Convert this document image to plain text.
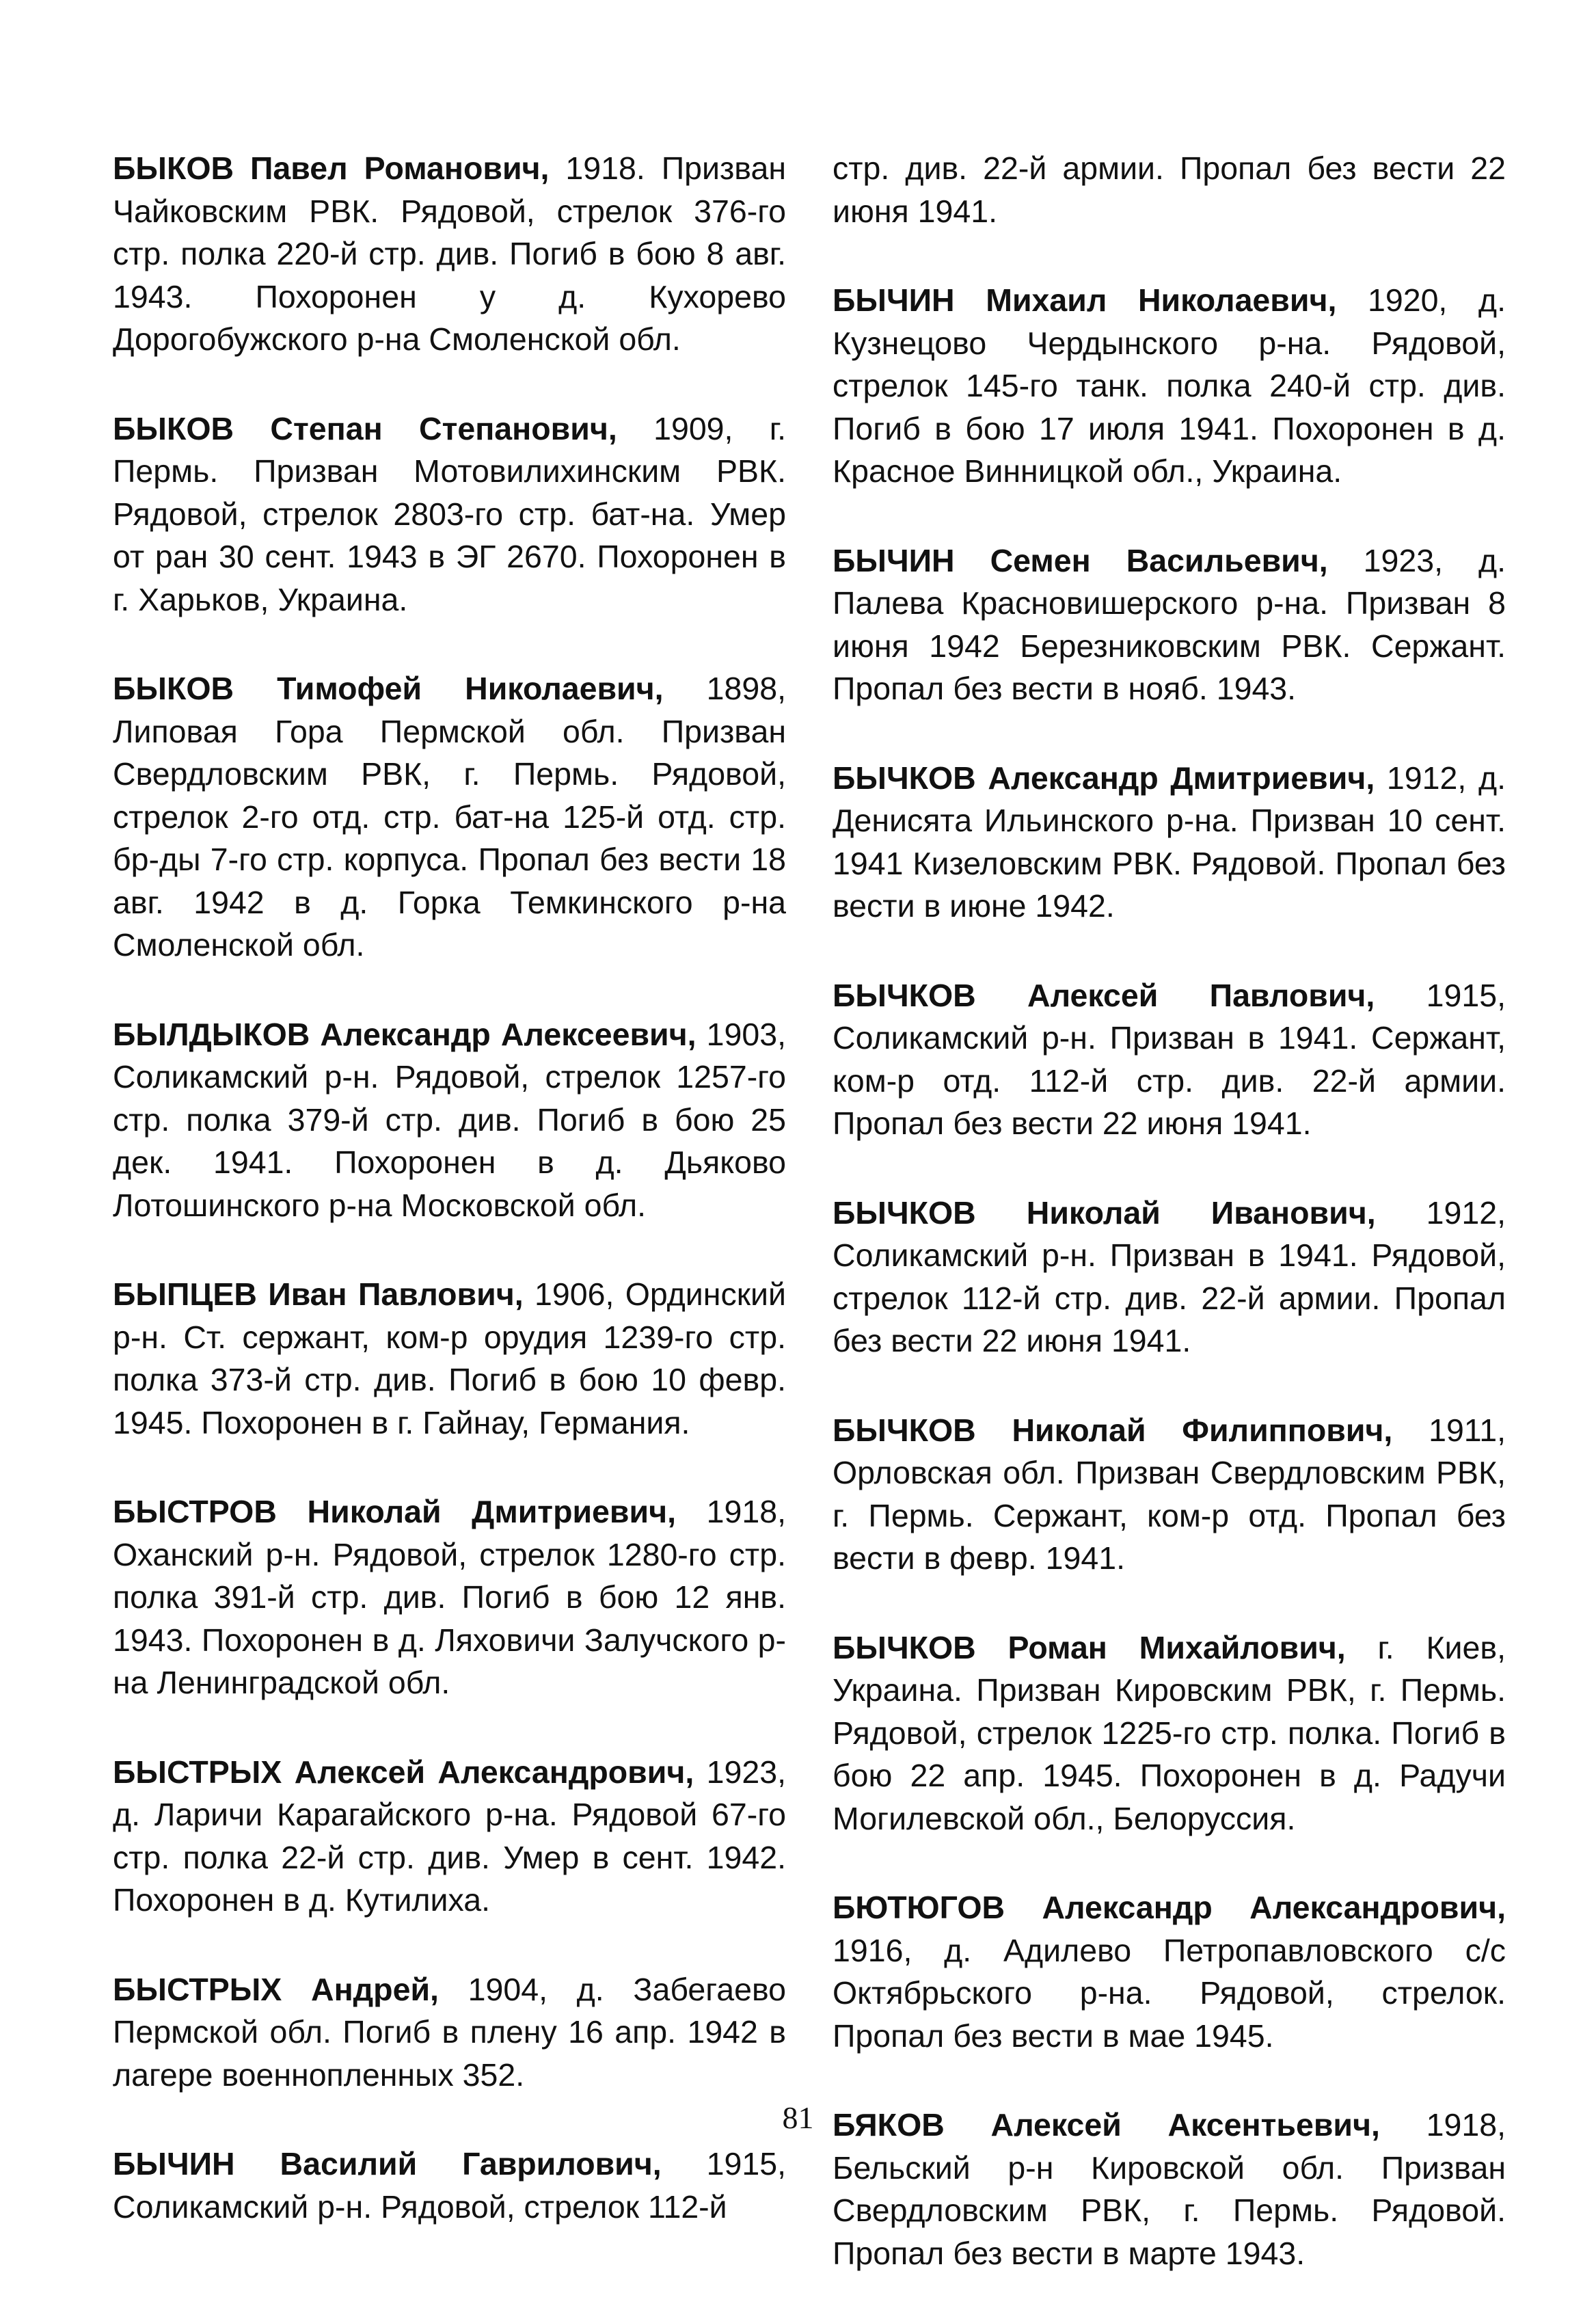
БЫКОВ Павел Романович, 1918. Призван Чайковским РВК. Рядовой, стрелок 376-го стр. полка 220-й стр. див. Погиб в бою 8 авг. 1943. Похоронен у д. Кухорево Дорогобужского р-на Смоленской обл.

БЫКОВ Степан Степанович, 1909, г. Пермь. Призван Мотовилихинским РВК. Рядовой, стрелок 2803-го стр. бат-на. Умер от ран 30 сент. 1943 в ЭГ 2670. Похоронен в г. Харьков, Украина.

БЫКОВ Тимофей Николаевич, 1898, Липовая Гора Пермской обл. Призван Свердловским РВК, г. Пермь. Рядовой, стрелок 2-го отд. стр. бат-на 125-й отд. стр. бр-ды 7-го стр. корпуса. Пропал без вести 18 авг. 1942 в д. Горка Темкинского р-на Смоленской обл.

БЫЛДЫКОВ Александр Алексеевич, 1903, Соликамский р-н. Рядовой, стрелок 1257-го стр. полка 379-й стр. див. Погиб в бою 25 дек. 1941. Похоронен в д. Дьяково Лотошинского р-на Московской обл.

БЫПЦЕВ Иван Павлович, 1906, Ординский р-н. Ст. сержант, ком-р орудия 1239-го стр. полка 373-й стр. див. Погиб в бою 10 февр. 1945. Похоронен в г. Гайнау, Германия.

БЫСТРОВ Николай Дмитриевич, 1918, Оханский р-н. Рядовой, стрелок 1280-го стр. полка 391-й стр. див. Погиб в бою 12 янв. 1943. Похоронен в д. Ляховичи Залучского р-на Ленинградской обл.

БЫСТРЫХ Алексей Александрович, 1923, д. Ларичи Карагайского р-на. Рядовой 67-го стр. полка 22-й стр. див. Умер в сент. 1942. Похоронен в д. Кутилиха.

БЫСТРЫХ Андрей, 1904, д. Забегаево Пермской обл. Погиб в плену 16 апр. 1942 в лагере военнопленных 352.

БЫЧИН Василий Гаврилович, 1915, Соликамский р-н. Рядовой, стрелок 112-й

стр. див. 22-й армии. Пропал без вести 22 июня 1941.

БЫЧИН Михаил Николаевич, 1920, д. Кузнецово Чердынского р-на. Рядовой, стрелок 145-го танк. полка 240-й стр. див. Погиб в бою 17 июля 1941. Похоронен в д. Красное Винницкой обл., Украина.

БЫЧИН Семен Васильевич, 1923, д. Палева Красновишерского р-на. Призван 8 июня 1942 Березниковским РВК. Сержант. Пропал без вести в нояб. 1943.

БЫЧКОВ Александр Дмитриевич, 1912, д. Денисята Ильинского р-на. Призван 10 сент. 1941 Кизеловским РВК. Рядовой. Пропал без вести в июне 1942.

БЫЧКОВ Алексей Павлович, 1915, Соликамский р-н. Призван в 1941. Сержант, ком-р отд. 112-й стр. див. 22-й армии. Пропал без вести 22 июня 1941.

БЫЧКОВ Николай Иванович, 1912, Соликамский р-н. Призван в 1941. Рядовой, стрелок 112-й стр. див. 22-й армии. Пропал без вести 22 июня 1941.

БЫЧКОВ Николай Филиппович, 1911, Орловская обл. Призван Свердловским РВК, г. Пермь. Сержант, ком-р отд. Пропал без вести в февр. 1941.

БЫЧКОВ Роман Михайлович, г. Киев, Украина. Призван Кировским РВК, г. Пермь. Рядовой, стрелок 1225-го стр. полка. Погиб в бою 22 апр. 1945. Похоронен в д. Радучи Могилевской обл., Белоруссия.

БЮТЮГОВ Александр Александрович, 1916, д. Адилево Петропавловского с/с Октябрьского р-на. Рядовой, стрелок. Пропал без вести в мае 1945.

БЯКОВ Алексей Аксентьевич, 1918, Бельский р-н Кировской обл. Призван Свердловским РВК, г. Пермь. Рядовой. Пропал без вести в марте 1943.

81
